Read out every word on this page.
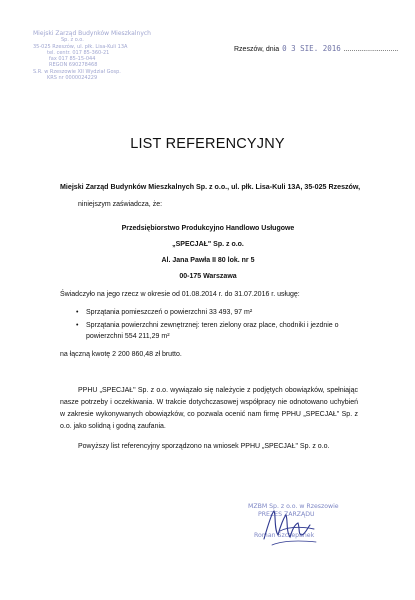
Miejski Zarząd Budynków Mieszkalnych
Sp. z o.o.
35-025 Rzeszów, ul. płk. Lisa-Kuli 13A
tel. centr. 017 85-360-21
fax 017 85-15-044
REGON 690278468
S.R. w Rzeszowie XII Wydział Gosp.
KRS nr 0000024229
Rzeszów, dnia 0 3 SIE. 2016 ............................
LIST REFERENCYJNY
Miejski Zarząd Budynków Mieszkalnych Sp. z o.o., ul. płk. Lisa-Kuli 13A, 35-025 Rzeszów,
niniejszym zaświadcza, że:
Przedsiębiorstwo Produkcyjno Handlowo Usługowe
„SPECJAŁ" Sp. z o.o.
Al. Jana Pawła II 80 lok. nr 5
00-175 Warszawa
Świadczyło na jego rzecz w okresie od 01.08.2014 r. do 31.07.2016 r. usługę:
• Sprzątania pomieszczeń o powierzchni 33 493, 97 m²
• Sprzątania powierzchni zewnętrznej: teren zielony oraz place, chodniki i jezdnie o powierzchni 554 211,29 m²
na łączną kwotę 2 200 860,48 zł brutto.
PPHU „SPECJAŁ" Sp. z o.o. wywiązało się należycie z podjętych obowiązków, spełniając nasze potrzeby i oczekiwania. W trakcie dotychczasowej współpracy nie odnotowano uchybień w zakresie wykonywanych obowiązków, co pozwala ocenić nam firmę PPHU „SPECJAŁ" Sp. z o.o. jako solidną i godną zaufania.
Powyższy list referencyjny sporządzono na wniosek PPHU „SPECJAŁ" Sp. z o.o.
MZBM Sp. z o.o. w Rzeszowie
PREZES ZARZĄDU
Roman Szczepanek
